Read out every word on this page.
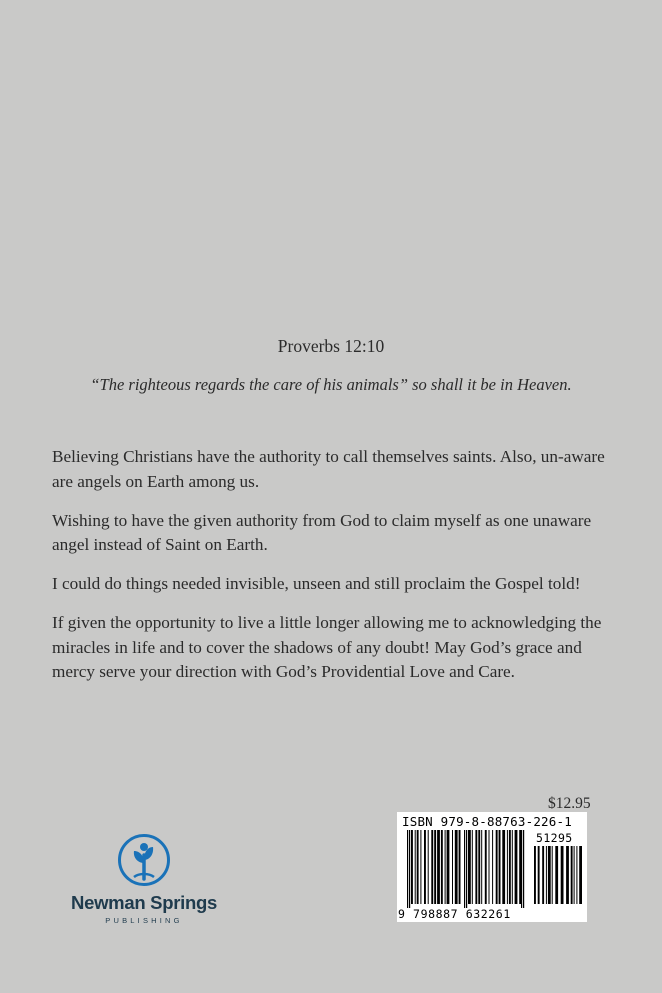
Proverbs 12:10
“The righteous regards the care of his animals” so shall it be in Heaven.

Believing Christians have the authority to call themselves saints. Also, un-aware are angels on Earth among us.

Wishing to have the given authority from God to claim myself as one unaware angel instead of Saint on Earth.

I could do things needed invisible, unseen and still proclaim the Gospel told!

If given the opportunity to live a little longer allowing me to acknowledging the miracles in life and to cover the shadows of any doubt! May God’s grace and mercy serve your direction with God’s Providential Love and Care.

$12.95
ISBN 979-8-88763-226-1
51295
9 798887 632261
Newman Springs
PUBLISHING
